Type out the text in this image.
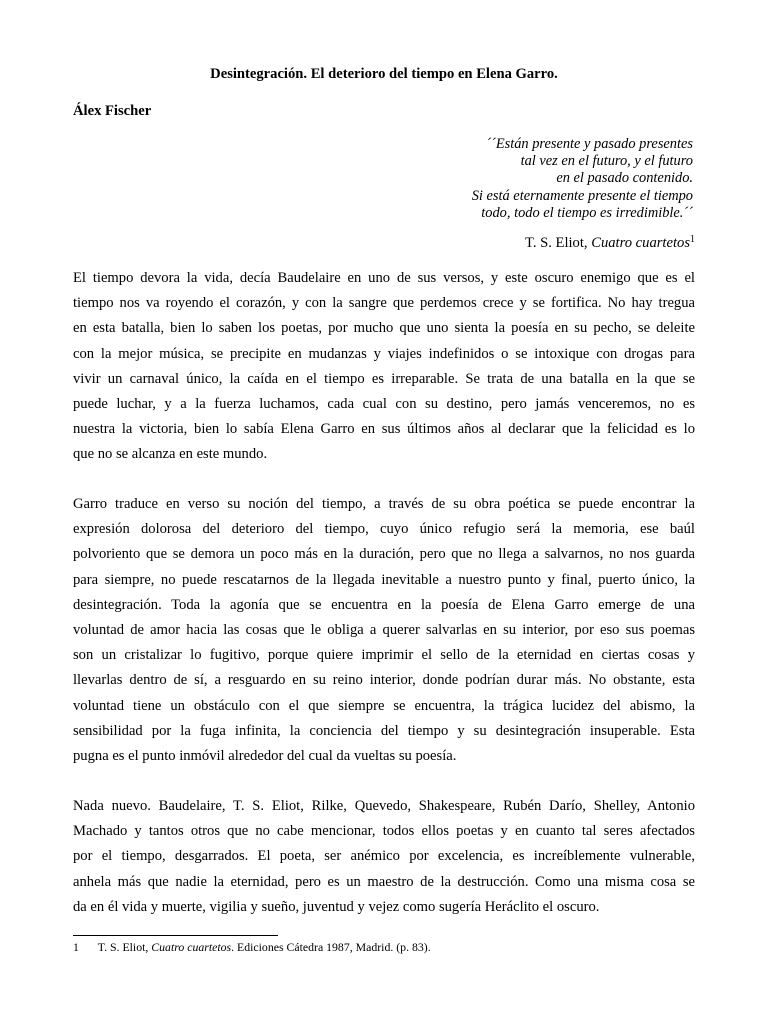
Desintegración. El deterioro del tiempo en Elena Garro.
Álex Fischer
´´Están presente y pasado presentes
tal vez en el futuro, y el futuro
en el pasado contenido.
Si está eternamente presente el tiempo
todo, todo el tiempo es irredimible.´´
T. S. Eliot, Cuatro cuartetos$^1$
El tiempo devora la vida, decía Baudelaire en uno de sus versos, y este oscuro enemigo que es el
tiempo nos va royendo el corazón, y con la sangre que perdemos crece y se fortifica. No hay tregua
en esta batalla, bien lo saben los poetas, por mucho que uno sienta la poesía en su pecho, se deleite
con la mejor música, se precipite en mudanzas y viajes indefinidos o se intoxique con drogas para
vivir un carnaval único, la caída en el tiempo es irreparable. Se trata de una batalla en la que se
puede luchar, y a la fuerza luchamos, cada cual con su destino, pero jamás venceremos, no es
nuestra la victoria, bien lo sabía Elena Garro en sus últimos años al declarar que la felicidad es lo
que no se alcanza en este mundo.
Garro traduce en verso su noción del tiempo, a través de su obra poética se puede encontrar la
expresión dolorosa del deterioro del tiempo, cuyo único refugio será la memoria, ese baúl
polvoriento que se demora un poco más en la duración, pero que no llega a salvarnos, no nos guarda
para siempre, no puede rescatarnos de la llegada inevitable a nuestro punto y final, puerto único, la
desintegración. Toda la agonía que se encuentra en la poesía de Elena Garro emerge de una
voluntad de amor hacia las cosas que le obliga a querer salvarlas en su interior, por eso sus poemas
son un cristalizar lo fugitivo, porque quiere imprimir el sello de la eternidad en ciertas cosas y
llevarlas dentro de sí, a resguardo en su reino interior, donde podrían durar más. No obstante, esta
voluntad tiene un obstáculo con el que siempre se encuentra, la trágica lucidez del abismo, la
sensibilidad por la fuga infinita, la conciencia del tiempo y su desintegración insuperable. Esta
pugna es el punto inmóvil alrededor del cual da vueltas su poesía.
Nada nuevo. Baudelaire, T. S. Eliot, Rilke, Quevedo, Shakespeare, Rubén Darío, Shelley, Antonio
Machado y tantos otros que no cabe mencionar, todos ellos poetas y en cuanto tal seres afectados
por el tiempo, desgarrados. El poeta, ser anémico por excelencia, es increíblemente vulnerable,
anhela más que nadie la eternidad, pero es un maestro de la destrucción. Como una misma cosa se
da en él vida y muerte, vigilia y sueño, juventud y vejez como sugería Heráclito el oscuro.
1 T. S. Eliot, Cuatro cuartetos. Ediciones Cátedra 1987, Madrid. (p. 83).
